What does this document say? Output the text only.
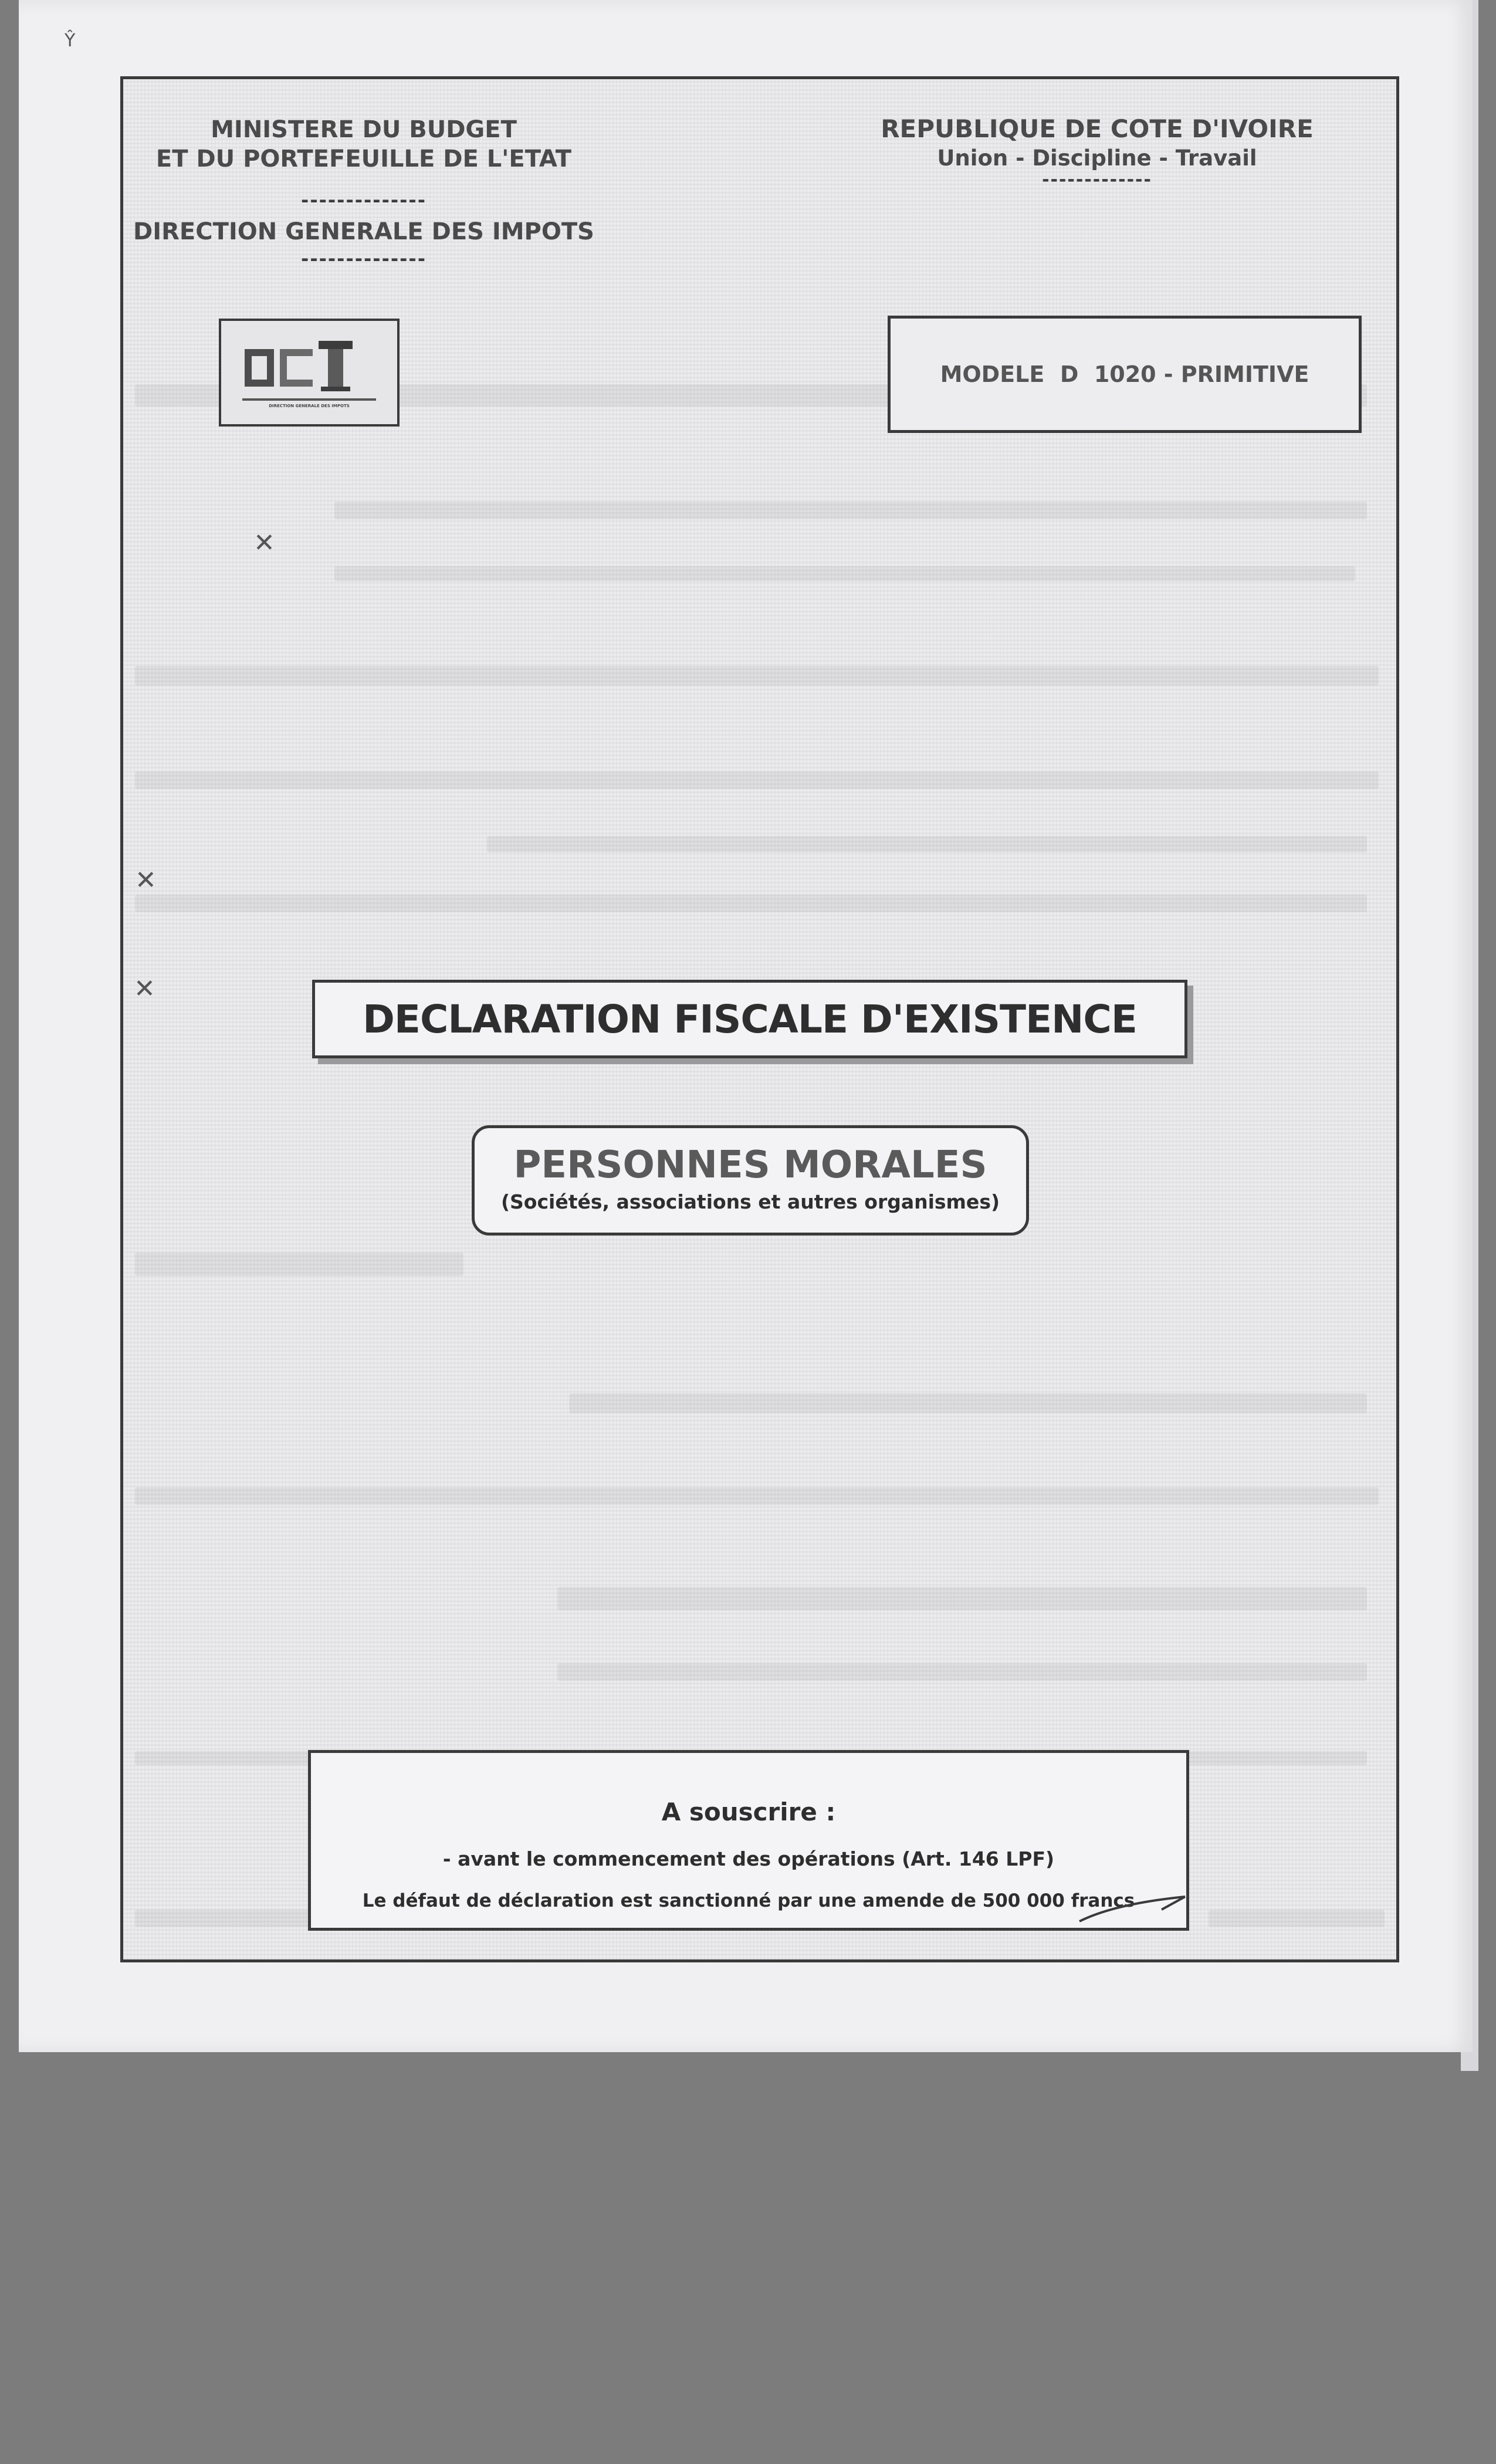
Ŷ
✕
✕
✕
MINISTERE DU BUDGET
ET DU PORTEFEUILLE DE L'ETAT
--------------
DIRECTION GENERALE DES IMPOTS
--------------
REPUBLIQUE DE COTE D'IVOIRE
Union - Discipline - Travail
-------------
DIRECTION GENERALE DES IMPOTS
MODELE  D  1020 - PRIMITIVE
DECLARATION FISCALE D'EXISTENCE
PERSONNES MORALES
(Sociétés, associations et autres organismes)
A souscrire :
- avant le commencement des opérations (Art. 146 LPF)
Le défaut de déclaration est sanctionné par une amende de 500 000 francs
